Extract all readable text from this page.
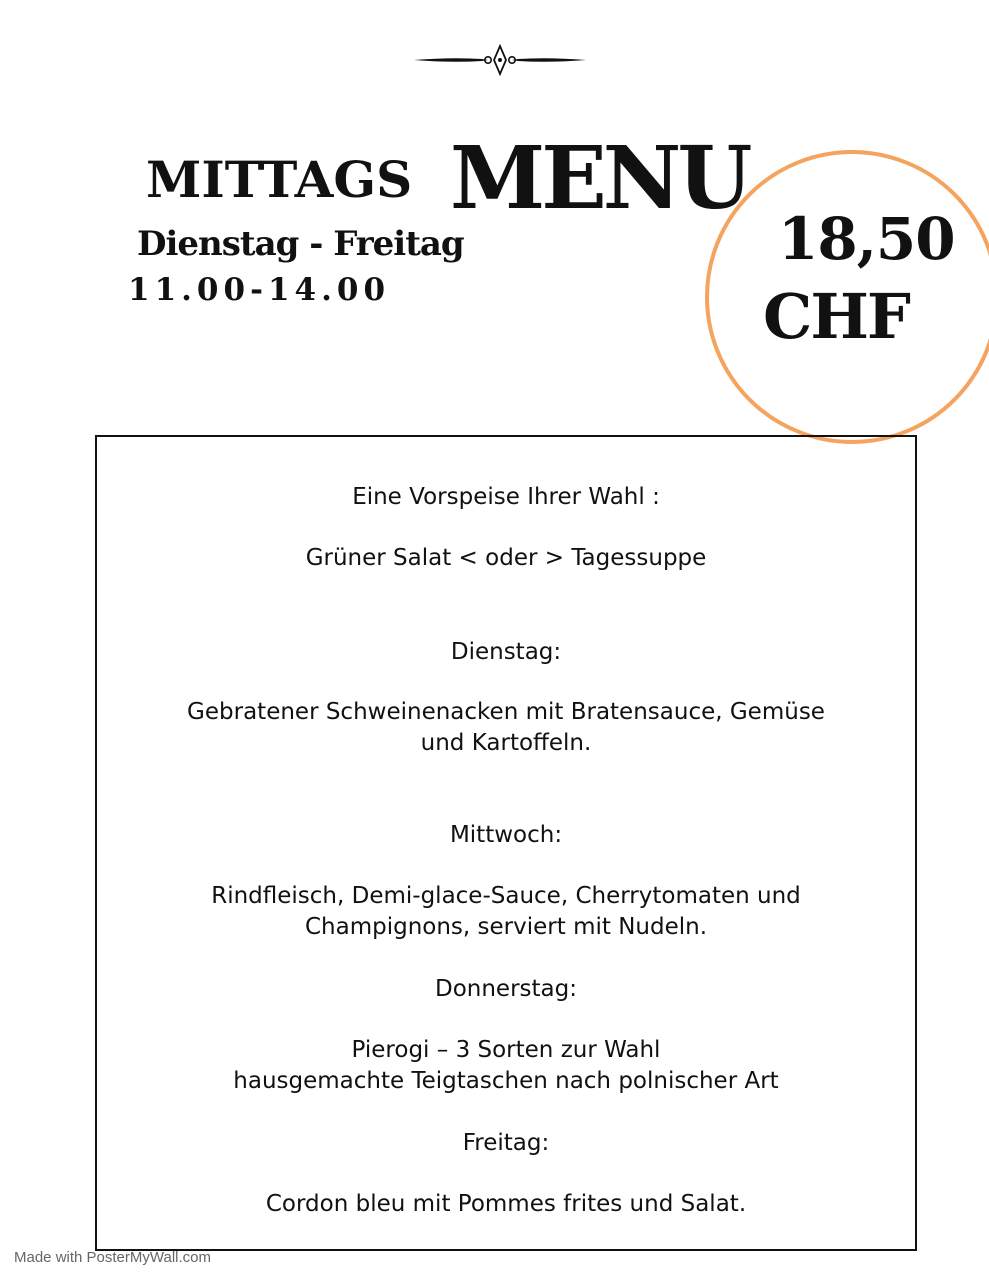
MITTAGS MENU
Dienstag - Freitag
11.00-14.00
18,50
CHF
Eine Vorspeise Ihrer Wahl :
Grüner Salat < oder > Tagessuppe
Dienstag:
Gebratener Schweinenacken mit Bratensauce, Gemüse
und Kartoffeln.
Mittwoch:
Rindfleisch, Demi-glace-Sauce, Cherrytomaten und
Champignons, serviert mit Nudeln.
Donnerstag:
Pierogi – 3 Sorten zur Wahl
hausgemachte Teigtaschen nach polnischer Art
Freitag:
Cordon bleu mit Pommes frites und Salat.
Made with PosterMyWall.com
